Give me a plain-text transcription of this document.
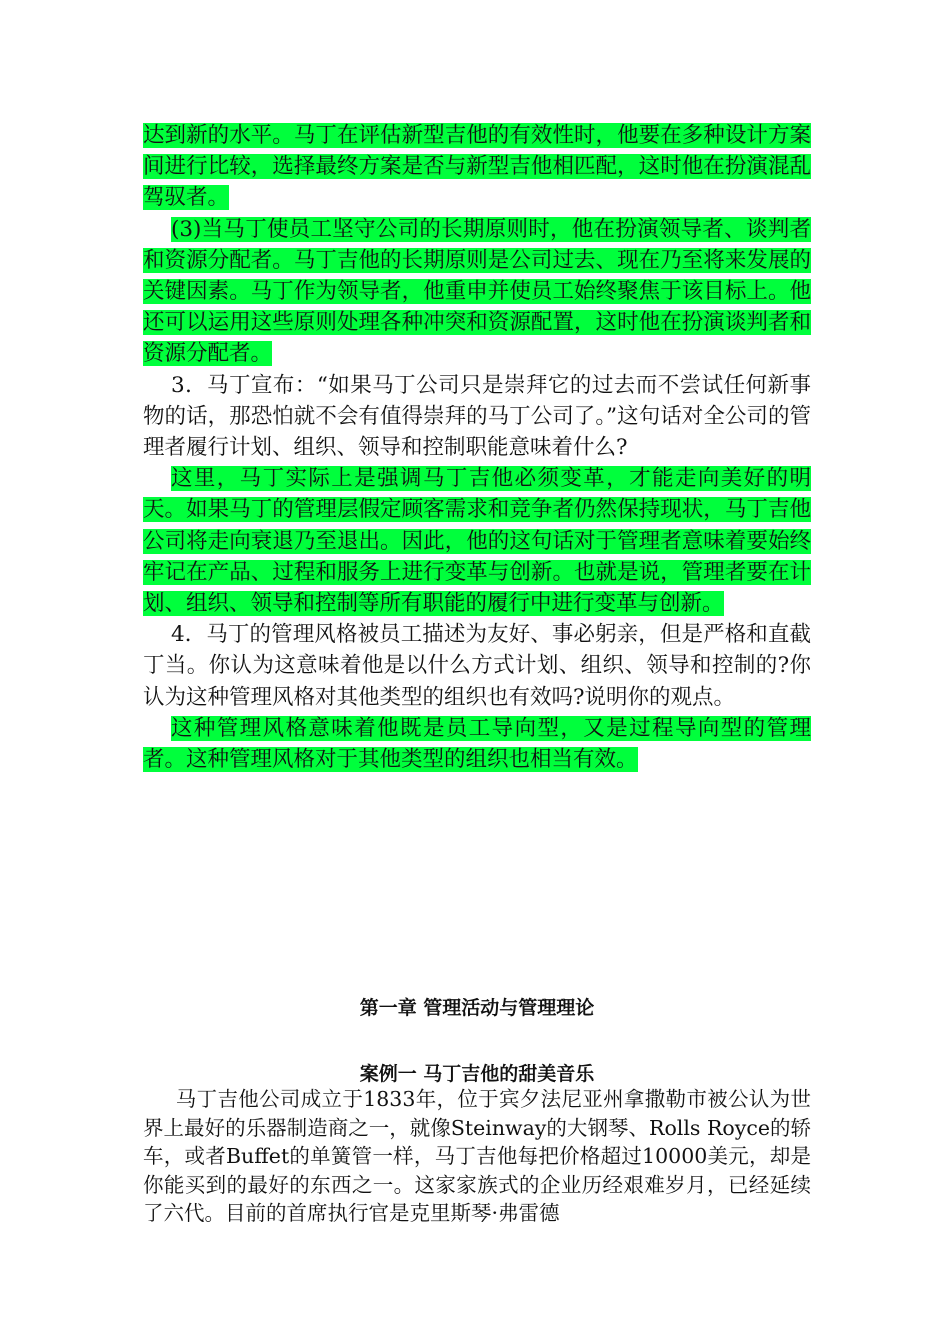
达到新的水平。马丁在评估新型吉他的有效性时，他要在多种设计方案间进行比较，选择最终方案是否与新型吉他相匹配，这时他在扮演混乱驾驭者。

(3)当马丁使员工坚守公司的长期原则时，他在扮演领导者、谈判者和资源分配者。马丁吉他的长期原则是公司过去、现在乃至将来发展的关键因素。马丁作为领导者，他重申并使员工始终聚焦于该目标上。他还可以运用这些原则处理各种冲突和资源配置，这时他在扮演谈判者和资源分配者。

3．马丁宣布：“如果马丁公司只是崇拜它的过去而不尝试任何新事物的话，那恐怕就不会有值得崇拜的马丁公司了。”这句话对全公司的管理者履行计划、组织、领导和控制职能意味着什么?

这里，马丁实际上是强调马丁吉他必须变革，才能走向美好的明天。如果马丁的管理层假定顾客需求和竞争者仍然保持现状，马丁吉他公司将走向衰退乃至退出。因此，他的这句话对于管理者意味着要始终牢记在产品、过程和服务上进行变革与创新。也就是说，管理者要在计划、组织、领导和控制等所有职能的履行中进行变革与创新。

4．马丁的管理风格被员工描述为友好、事必躬亲，但是严格和直截丁当。你认为这意味着他是以什么方式计划、组织、领导和控制的?你认为这种管理风格对其他类型的组织也有效吗?说明你的观点。

这种管理风格意味着他既是员工导向型，又是过程导向型的管理者。这种管理风格对于其他类型的组织也相当有效。

第一章 管理活动与管理理论
案例一 马丁吉他的甜美音乐

马丁吉他公司成立于1833年，位于宾夕法尼亚州拿撒勒市被公认为世界上最好的乐器制造商之一，就像Steinway的大钢琴、Rolls Royce的轿车，或者Buffet的单簧管一样，马丁吉他每把价格超过10000美元，却是你能买到的最好的东西之一。这家家族式的企业历经艰难岁月，已经延续了六代。目前的首席执行官是克里斯琴·弗雷德
